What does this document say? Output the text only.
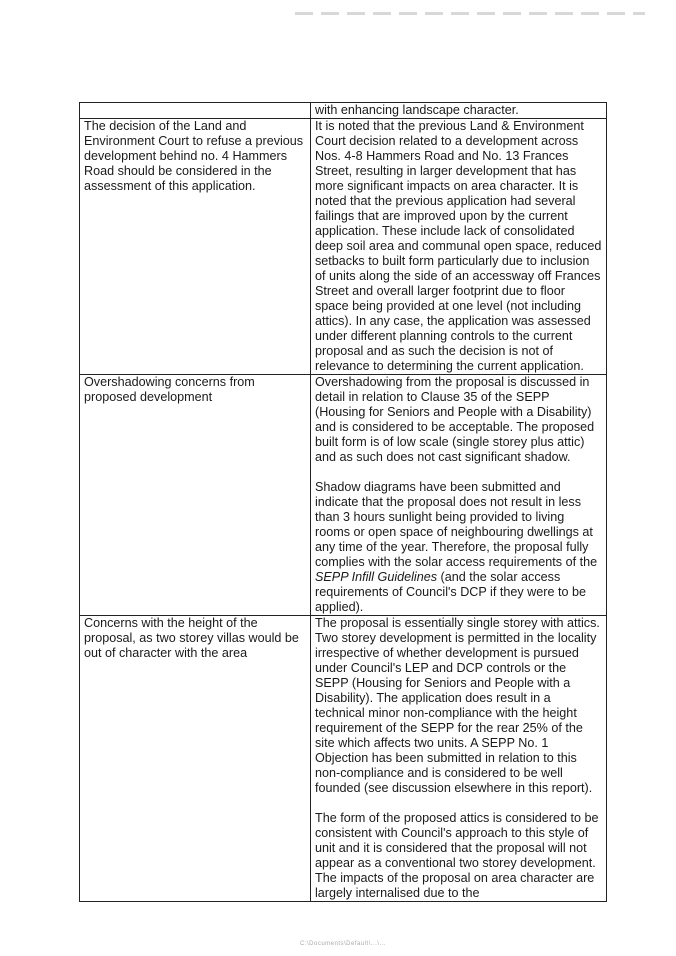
	with enhancing landscape character.

The decision of the Land and Environment Court to refuse a previous development behind no. 4 Hammers Road should be considered in the assessment of this application.	It is noted that the previous Land & Environment Court decision related to a development across Nos. 4-8 Hammers Road and No. 13 Frances Street, resulting in larger development that has more significant impacts on area character. It is noted that the previous application had several failings that are improved upon by the current application. These include lack of consolidated deep soil area and communal open space, reduced setbacks to built form particularly due to inclusion of units along the side of an accessway off Frances Street and overall larger footprint due to floor space being provided at one level (not including attics). In any case, the application was assessed under different planning controls to the current proposal and as such the decision is not of relevance to determining the current application.

Overshadowing concerns from proposed development	Overshadowing from the proposal is discussed in detail in relation to Clause 35 of the SEPP (Housing for Seniors and People with a Disability) and is considered to be acceptable. The proposed built form is of low scale (single storey plus attic) and as such does not cast significant shadow.

Shadow diagrams have been submitted and indicate that the proposal does not result in less than 3 hours sunlight being provided to living rooms or open space of neighbouring dwellings at any time of the year. Therefore, the proposal fully complies with the solar access requirements of the SEPP Infill Guidelines (and the solar access requirements of Council's DCP if they were to be applied).

Concerns with the height of the proposal, as two storey villas would be out of character with the area	The proposal is essentially single storey with attics. Two storey development is permitted in the locality irrespective of whether development is pursued under Council's LEP and DCP controls or the SEPP (Housing for Seniors and People with a Disability). The application does result in a technical minor non-compliance with the height requirement of the SEPP for the rear 25% of the site which affects two units. A SEPP No. 1 Objection has been submitted in relation to this non-compliance and is considered to be well founded (see discussion elsewhere in this report).

The form of the proposed attics is considered to be consistent with Council's approach to this style of unit and it is considered that the proposal will not appear as a conventional two storey development. The impacts of the proposal on area character are largely internalised due to the

C:\Documents\Default\...\...
